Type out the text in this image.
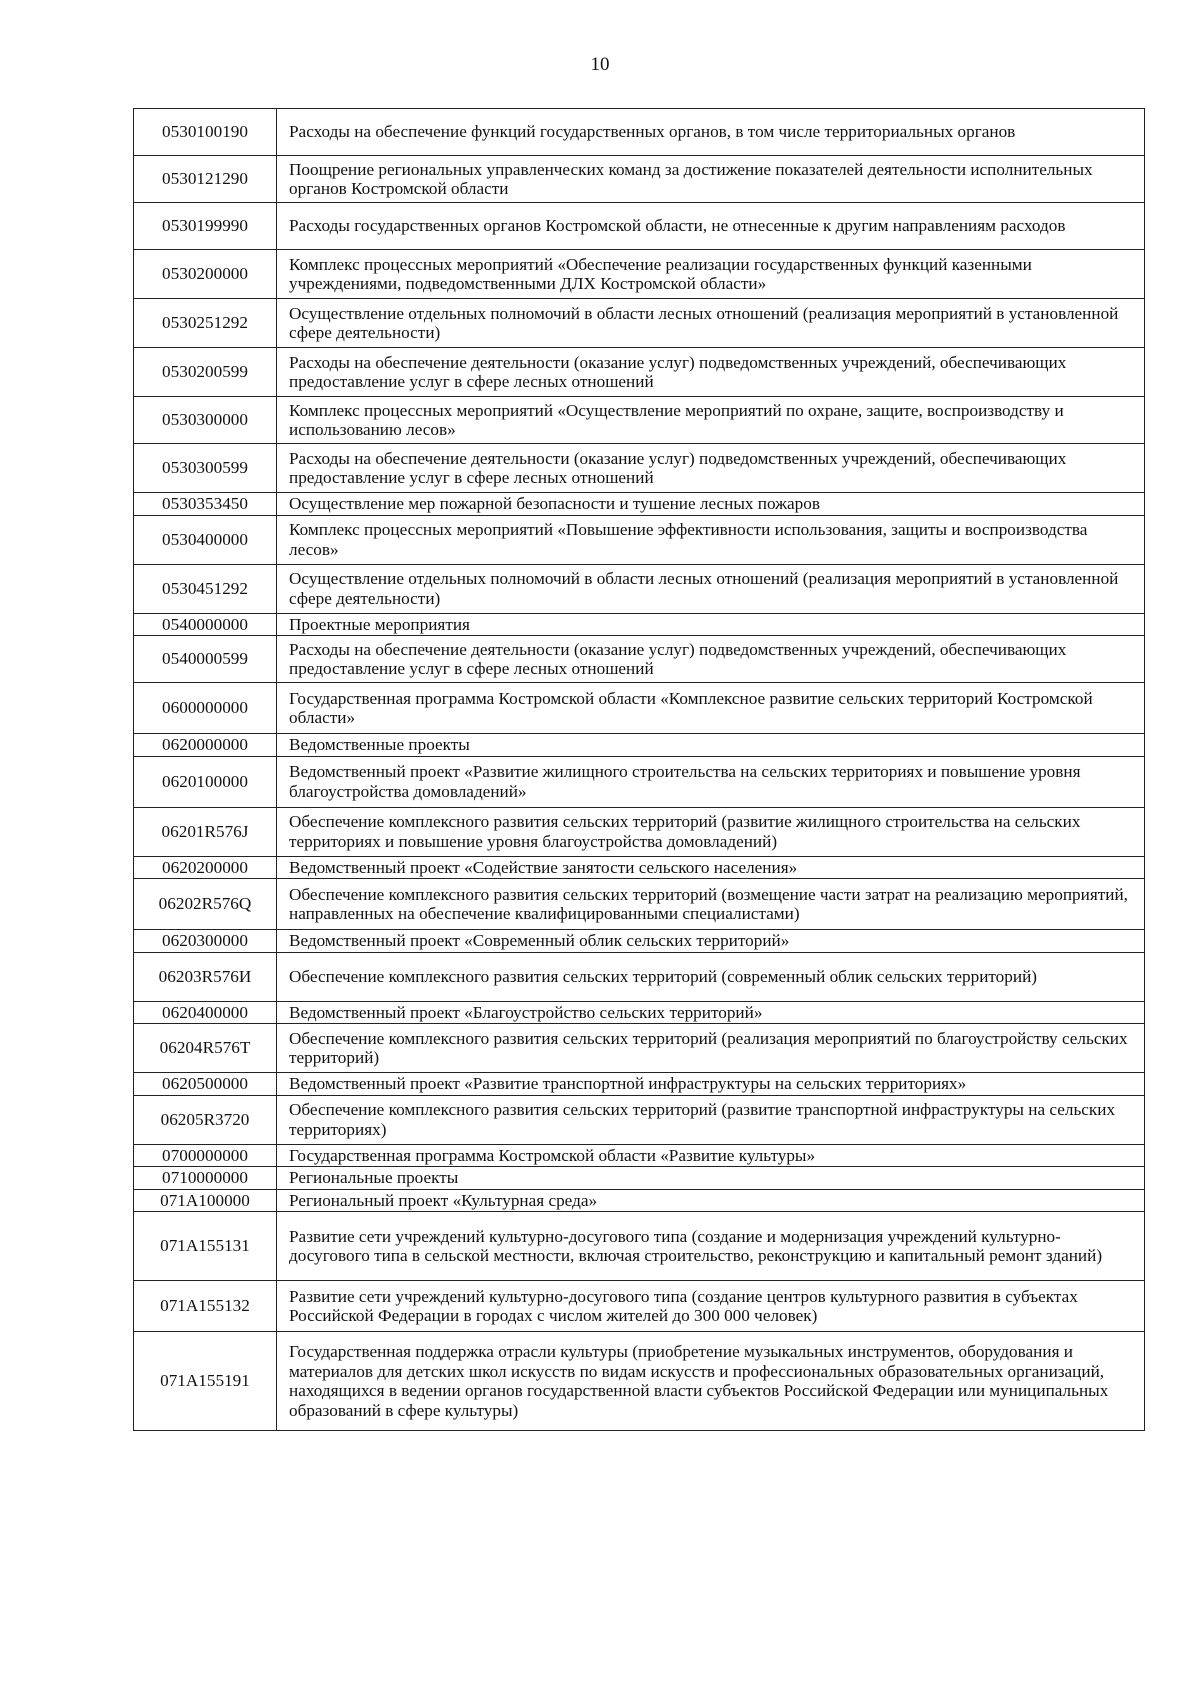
10
0530100190	Расходы на обеспечение функций государственных органов, в том числе территориальных органов
0530121290	Поощрение региональных управленческих команд за достижение показателей деятельности исполнительных органов Костромской области
0530199990	Расходы государственных органов Костромской области, не отнесенные к другим направлениям расходов
0530200000	Комплекс процессных мероприятий «Обеспечение реализации государственных функций казенными учреждениями, подведомственными ДЛХ Костромской области»
0530251292	Осуществление отдельных полномочий в области лесных отношений (реализация мероприятий в установленной сфере деятельности)
0530200599	Расходы на обеспечение деятельности (оказание услуг) подведомственных учреждений, обеспечивающих предоставление услуг в сфере лесных отношений
0530300000	Комплекс процессных мероприятий «Осуществление мероприятий по охране, защите, воспроизводству и использованию лесов»
0530300599	Расходы на обеспечение деятельности (оказание услуг) подведомственных учреждений, обеспечивающих предоставление услуг в сфере лесных отношений
0530353450	Осуществление мер пожарной безопасности и тушение лесных пожаров
0530400000	Комплекс процессных мероприятий «Повышение эффективности использования, защиты и воспроизводства лесов»
0530451292	Осуществление отдельных полномочий в области лесных отношений (реализация мероприятий в установленной сфере деятельности)
0540000000	Проектные мероприятия
0540000599	Расходы на обеспечение деятельности (оказание услуг) подведомственных учреждений, обеспечивающих предоставление услуг в сфере лесных отношений
0600000000	Государственная программа Костромской области «Комплексное развитие сельских территорий Костромской области»
0620000000	Ведомственные проекты
0620100000	Ведомственный проект «Развитие жилищного строительства на сельских территориях и повышение уровня благоустройства домовладений»
06201R576J	Обеспечение комплексного развития сельских территорий (развитие жилищного строительства на сельских территориях и повышение уровня благоустройства домовладений)
0620200000	Ведомственный проект «Содействие занятости сельского населения»
06202R576Q	Обеспечение комплексного развития сельских территорий (возмещение части затрат на реализацию мероприятий, направленных на обеспечение квалифицированными специалистами)
0620300000	Ведомственный проект «Современный облик сельских территорий»
06203R576И	Обеспечение комплексного развития сельских территорий (современный облик сельских территорий)
0620400000	Ведомственный проект «Благоустройство сельских территорий»
06204R576T	Обеспечение комплексного развития сельских территорий (реализация мероприятий по благоустройству сельских территорий)
0620500000	Ведомственный проект «Развитие транспортной инфраструктуры на сельских территориях»
06205R3720	Обеспечение комплексного развития сельских территорий (развитие транспортной инфраструктуры на сельских территориях)
0700000000	Государственная программа Костромской области «Развитие культуры»
0710000000	Региональные проекты
071A100000	Региональный проект «Культурная среда»
071A155131	Развитие сети учреждений культурно-досугового типа (создание и модернизация учреждений культурно-досугового типа в сельской местности, включая строительство, реконструкцию и капитальный ремонт зданий)
071A155132	Развитие сети учреждений культурно-досугового типа (создание центров культурного развития в субъектах Российской Федерации в городах с числом жителей до 300 000 человек)
071A155191	Государственная поддержка отрасли культуры (приобретение музыкальных инструментов, оборудования и материалов для детских школ искусств по видам искусств и профессиональных образовательных организаций, находящихся в ведении органов государственной власти субъектов Российской Федерации или муниципальных образований в сфере культуры)
